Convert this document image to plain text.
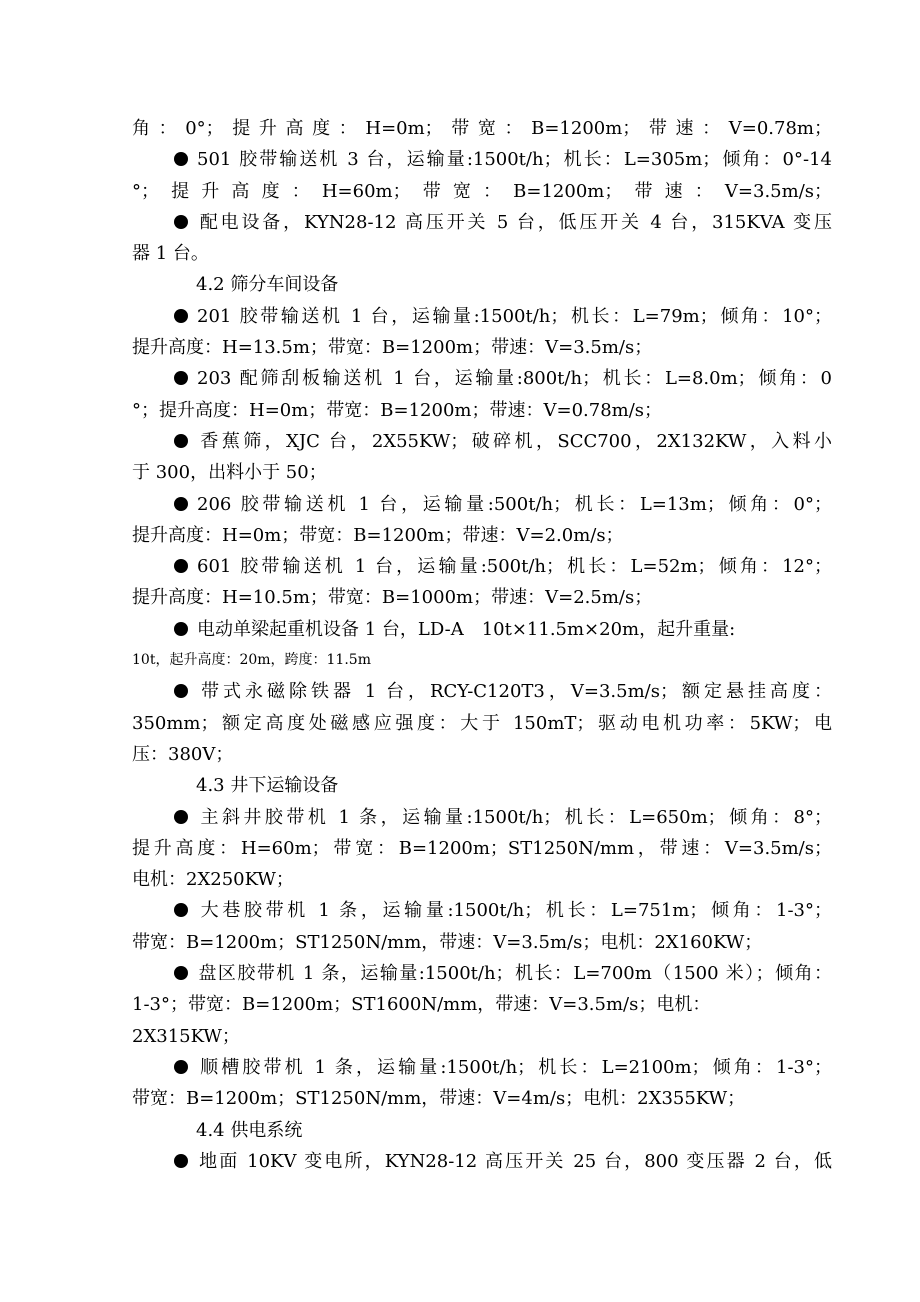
角：0°；提升高度：H=0m；带宽：B=1200m；带速：V=0.78m；
501 胶带输送机 3 台，运输量:1500t/h；机长：L=305m；倾角：0°-14
°；提升高度：H=60m；带宽：B=1200m；带速：V=3.5m/s；
配电设备，KYN28-12 高压开关 5 台，低压开关 4 台，315KVA 变压
器 1 台。
4.2 筛分车间设备
201 胶带输送机 1 台，运输量:1500t/h；机长：L=79m；倾角：10°；
提升高度：H=13.5m；带宽：B=1200m；带速：V=3.5m/s；
203 配筛刮板输送机 1 台，运输量:800t/h；机长：L=8.0m；倾角：0
°；提升高度：H=0m；带宽：B=1200m；带速：V=0.78m/s；
香蕉筛，XJC 台，2X55KW；破碎机，SCC700，2X132KW，入料小
于 300，出料小于 50；
206 胶带输送机 1 台，运输量:500t/h；机长：L=13m；倾角：0°；
提升高度：H=0m；带宽：B=1200m；带速：V=2.0m/s；
601 胶带输送机 1 台，运输量:500t/h；机长：L=52m；倾角：12°；
提升高度：H=10.5m；带宽：B=1000m；带速：V=2.5m/s；
电动单梁起重机设备 1 台，LD-A　10t×11.5m×20m，起升重量:
10t，起升高度：20m，跨度：11.5m
带式永磁除铁器 1 台，RCY-C120T3，V=3.5m/s；额定悬挂高度：
350mm；额定高度处磁感应强度：大于 150mT；驱动电机功率：5KW；电
压：380V；
4.3 井下运输设备
主斜井胶带机 1 条，运输量:1500t/h；机长：L=650m；倾角：8°；
提升高度：H=60m；带宽：B=1200m；ST1250N/mm，带速：V=3.5m/s；
电机：2X250KW；
大巷胶带机 1 条，运输量:1500t/h；机长：L=751m；倾角：1-3°；
带宽：B=1200m；ST1250N/mm，带速：V=3.5m/s；电机：2X160KW；
盘区胶带机 1 条，运输量:1500t/h；机长：L=700m（1500 米）；倾角：
1-3°；带宽：B=1200m；ST1600N/mm，带速：V=3.5m/s；电机：
2X315KW；
顺槽胶带机 1 条，运输量:1500t/h；机长：L=2100m；倾角：1-3°；
带宽：B=1200m；ST1250N/mm，带速：V=4m/s；电机：2X355KW；
4.4 供电系统
地面 10KV 变电所，KYN28-12 高压开关 25 台，800 变压器 2 台，低
